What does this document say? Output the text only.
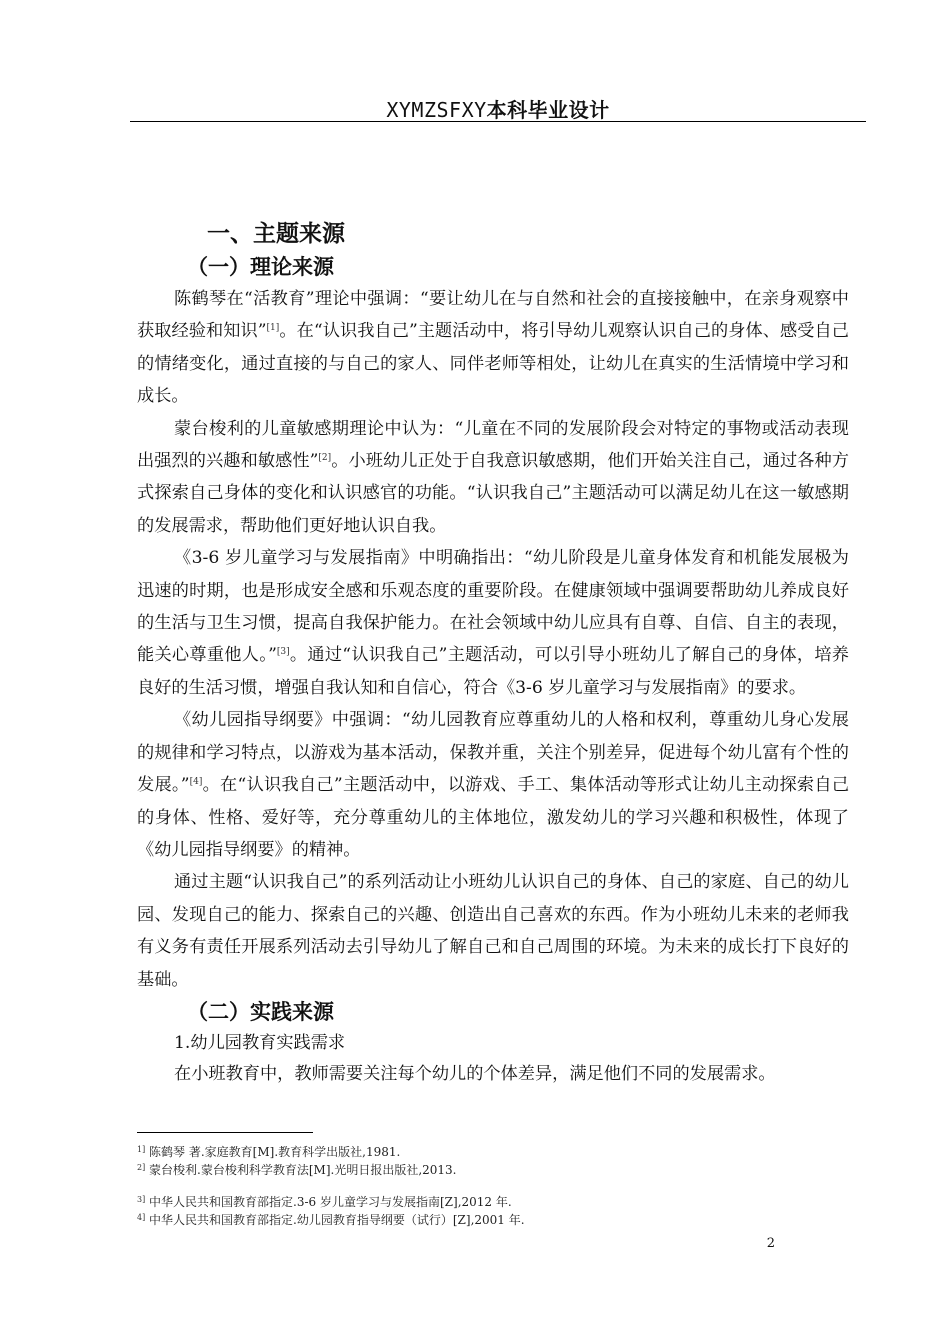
XYMZSFXY本科毕业设计
一、主题来源
（一）理论来源

陈鹤琴在“活教育”理论中强调：“要让幼儿在与自然和社会的直接接触中，在亲身观察中获取经验和知识”[1]。在“认识我自己”主题活动中，将引导幼儿观察认识自己的身体、感受自己的情绪变化，通过直接的与自己的家人、同伴老师等相处，让幼儿在真实的生活情境中学习和成长。

蒙台梭利的儿童敏感期理论中认为：“儿童在不同的发展阶段会对特定的事物或活动表现出强烈的兴趣和敏感性”[2]。小班幼儿正处于自我意识敏感期，他们开始关注自己，通过各种方式探索自己身体的变化和认识感官的功能。“认识我自己”主题活动可以满足幼儿在这一敏感期的发展需求，帮助他们更好地认识自我。

《3-6 岁儿童学习与发展指南》中明确指出：“幼儿阶段是儿童身体发育和机能发展极为迅速的时期，也是形成安全感和乐观态度的重要阶段。在健康领域中强调要帮助幼儿养成良好的生活与卫生习惯，提高自我保护能力。在社会领域中幼儿应具有自尊、自信、自主的表现，能关心尊重他人。”[3]。通过“认识我自己”主题活动，可以引导小班幼儿了解自己的身体，培养良好的生活习惯，增强自我认知和自信心，符合《3-6 岁儿童学习与发展指南》的要求。

《幼儿园指导纲要》中强调：“幼儿园教育应尊重幼儿的人格和权利，尊重幼儿身心发展的规律和学习特点，以游戏为基本活动，保教并重，关注个别差异，促进每个幼儿富有个性的发展。”[4]。在“认识我自己”主题活动中，以游戏、手工、集体活动等形式让幼儿主动探索自己的身体、性格、爱好等，充分尊重幼儿的主体地位，激发幼儿的学习兴趣和积极性，体现了《幼儿园指导纲要》的精神。

通过主题“认识我自己”的系列活动让小班幼儿认识自己的身体、自己的家庭、自己的幼儿园、发现自己的能力、探索自己的兴趣、创造出自己喜欢的东西。作为小班幼儿未来的老师我有义务有责任开展系列活动去引导幼儿了解自己和自己周围的环境。为未来的成长打下良好的基础。

（二）实践来源
1.幼儿园教育实践需求

在小班教育中，教师需要关注每个幼儿的个体差异，满足他们不同的发展需求。

$^{1]}$ 陈鹤琴 著.家庭教育[M].教育科学出版社,1981.
$^{2]}$ 蒙台梭利.蒙台梭利科学教育法[M].光明日报出版社,2013.
$^{3]}$ 中华人民共和国教育部指定.3-6 岁儿童学习与发展指南[Z],2012 年.
$^{4]}$ 中华人民共和国教育部指定.幼儿园教育指导纲要（试行）[Z],2001 年.
2
